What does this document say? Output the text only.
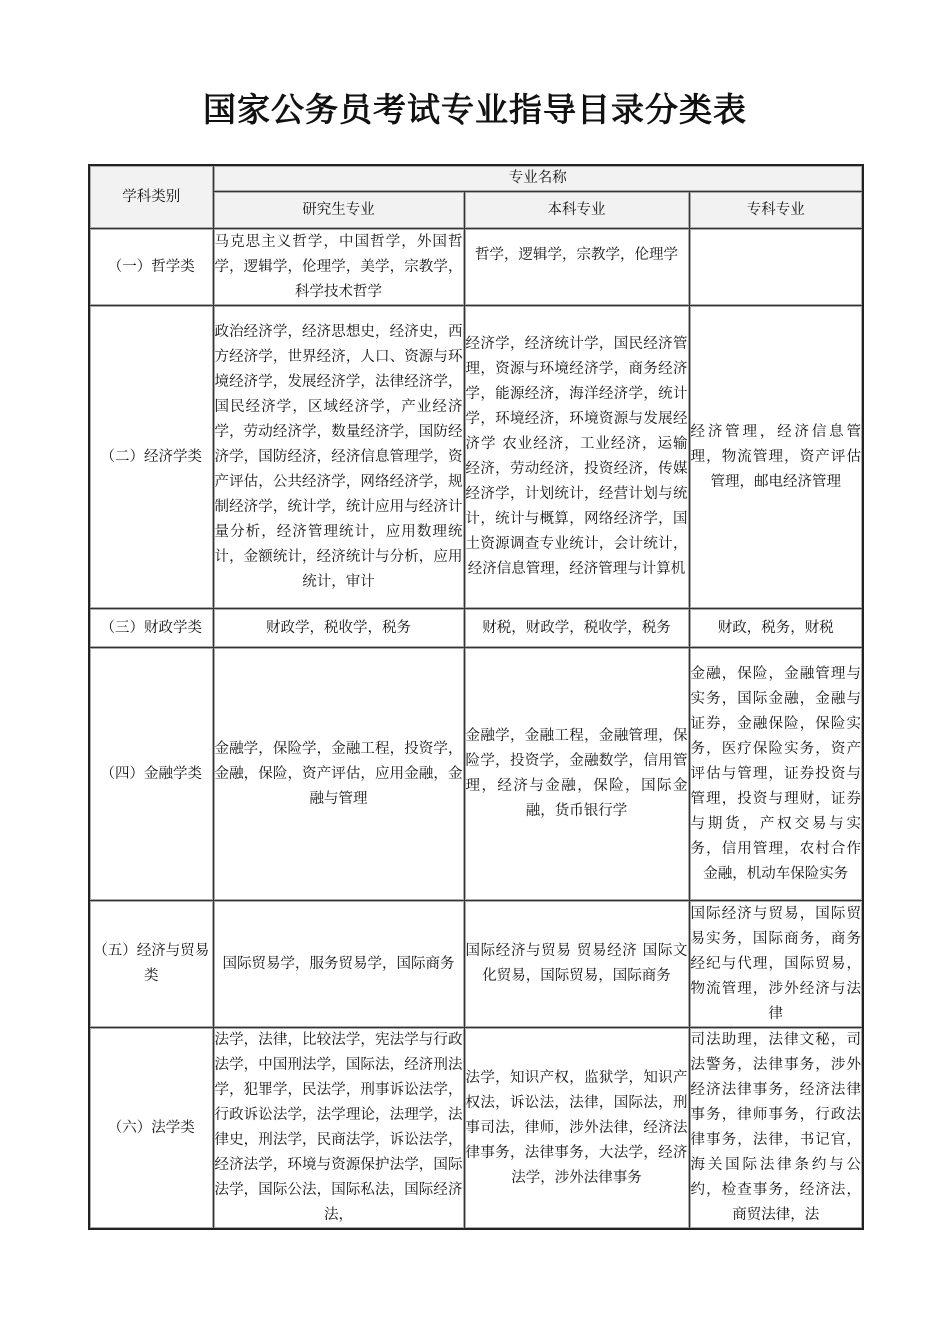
国家公务员考试专业指导目录分类表
学科类别	专业名称		
	研究生专业	本科专业	专科专业
（一）哲学类	马克思主义哲学，中国哲学，外国哲学，逻辑学，伦理学，美学，宗教学，科学技术哲学	哲学，逻辑学，宗教学，伦理学	
（二）经济学类	政治经济学，经济思想史，经济史，西方经济学，世界经济，人口、资源与环境经济学，发展经济学，法律经济学，国民经济学，区域经济学，产业经济学，劳动经济学，数量经济学，国防经济学，国防经济，经济信息管理学，资产评估，公共经济学，网络经济学，规制经济学，统计学，统计应用与经济计量分析，经济管理统计，应用数理统计，金额统计，经济统计与分析，应用统计，审计	经济学，经济统计学，国民经济管理，资源与环境经济学，商务经济学，能源经济，海洋经济学，统计学，环境经济，环境资源与发展经济学 农业经济，工业经济，运输经济，劳动经济，投资经济，传媒经济学，计划统计，经营计划与统计，统计与概算，网络经济学，国土资源调查专业统计，会计统计，经济信息管理，经济管理与计算机	经济管理，经济信息管理，物流管理，资产评估管理，邮电经济管理
（三）财政学类	财政学，税收学，税务	财税，财政学，税收学，税务	财政，税务，财税
（四）金融学类	金融学，保险学，金融工程，投资学，金融，保险，资产评估，应用金融，金融与管理	金融学，金融工程，金融管理，保险学，投资学，金融数学，信用管理，经济与金融，保险，国际金融，货币银行学	金融，保险，金融管理与实务，国际金融，金融与证券，金融保险，保险实务，医疗保险实务，资产评估与管理，证券投资与管理，投资与理财，证券与期货，产权交易与实务，信用管理，农村合作金融，机动车保险实务
（五）经济与贸易类	国际贸易学，服务贸易学，国际商务	国际经济与贸易 贸易经济 国际文化贸易，国际贸易，国际商务	国际经济与贸易，国际贸易实务，国际商务，商务经纪与代理，国际贸易，物流管理，涉外经济与法律
（六）法学类	法学，法律，比较法学，宪法学与行政法学，中国刑法学，国际法，经济刑法学，犯罪学，民法学，刑事诉讼法学，行政诉讼法学，法学理论，法理学，法律史，刑法学，民商法学，诉讼法学，经济法学，环境与资源保护法学，国际法学，国际公法，国际私法，国际经济法，	法学，知识产权，监狱学，知识产权法，诉讼法，法律，国际法，刑事司法，律师，涉外法律，经济法律事务，法律事务，大法学，经济法学，涉外法律事务	司法助理，法律文秘，司法警务，法律事务，涉外经济法律事务，经济法律事务，律师事务，行政法律事务，法律，书记官，海关国际法律条约与公约，检查事务，经济法，商贸法律，法
